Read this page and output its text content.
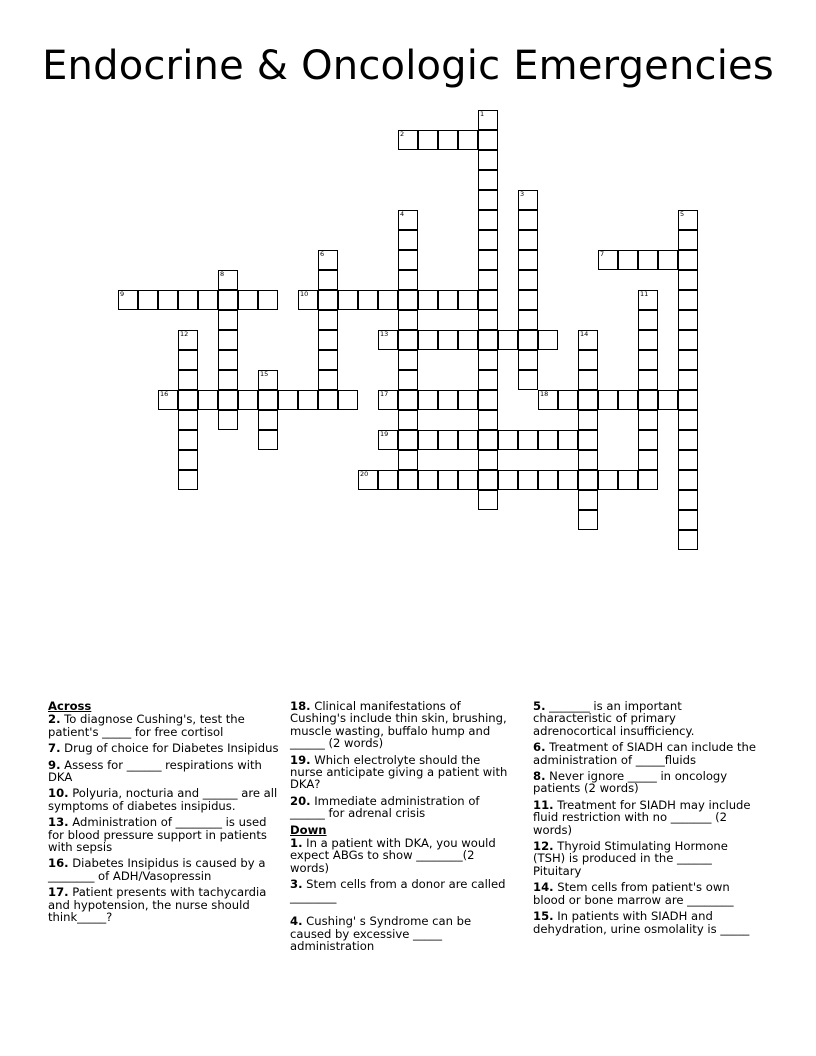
Endocrine & Oncologic Emergencies
1
2
3
4	5
6	7
8
9	10	11
12	13	14
15
16	17	18
19
20
Across
2. To diagnose Cushing's, test the patient's _____ for free cortisol
7. Drug of choice for Diabetes Insipidus
9. Assess for ______ respirations with DKA
10. Polyuria, nocturia and ______ are all symptoms of diabetes insipidus.
13. Administration of ________ is used for blood pressure support in patients with sepsis
16. Diabetes Insipidus is caused by a ________ of ADH/Vasopressin
17. Patient presents with tachycardia and hypotension, the nurse should think_____?
18. Clinical manifestations of Cushing's include thin skin, brushing, muscle wasting, buffalo hump and ______ (2 words)
19. Which electrolyte should the nurse anticipate giving a patient with DKA?
20. Immediate administration of ______ for adrenal crisis
Down
1. In a patient with DKA, you would expect ABGs to show ________(2 words)
3. Stem cells from a donor are called ________
4. Cushing' s Syndrome can be caused by excessive _____ administration
5. _______ is an important characteristic of primary adrenocortical insufficiency.
6. Treatment of SIADH can include the administration of _____fluids
8. Never ignore _____ in oncology patients (2 words)
11. Treatment for SIADH may include fluid restriction with no _______ (2 words)
12. Thyroid Stimulating Hormone (TSH) is produced in the ______ Pituitary
14. Stem cells from patient's own blood or bone marrow are ________
15. In patients with SIADH and dehydration, urine osmolality is _____
